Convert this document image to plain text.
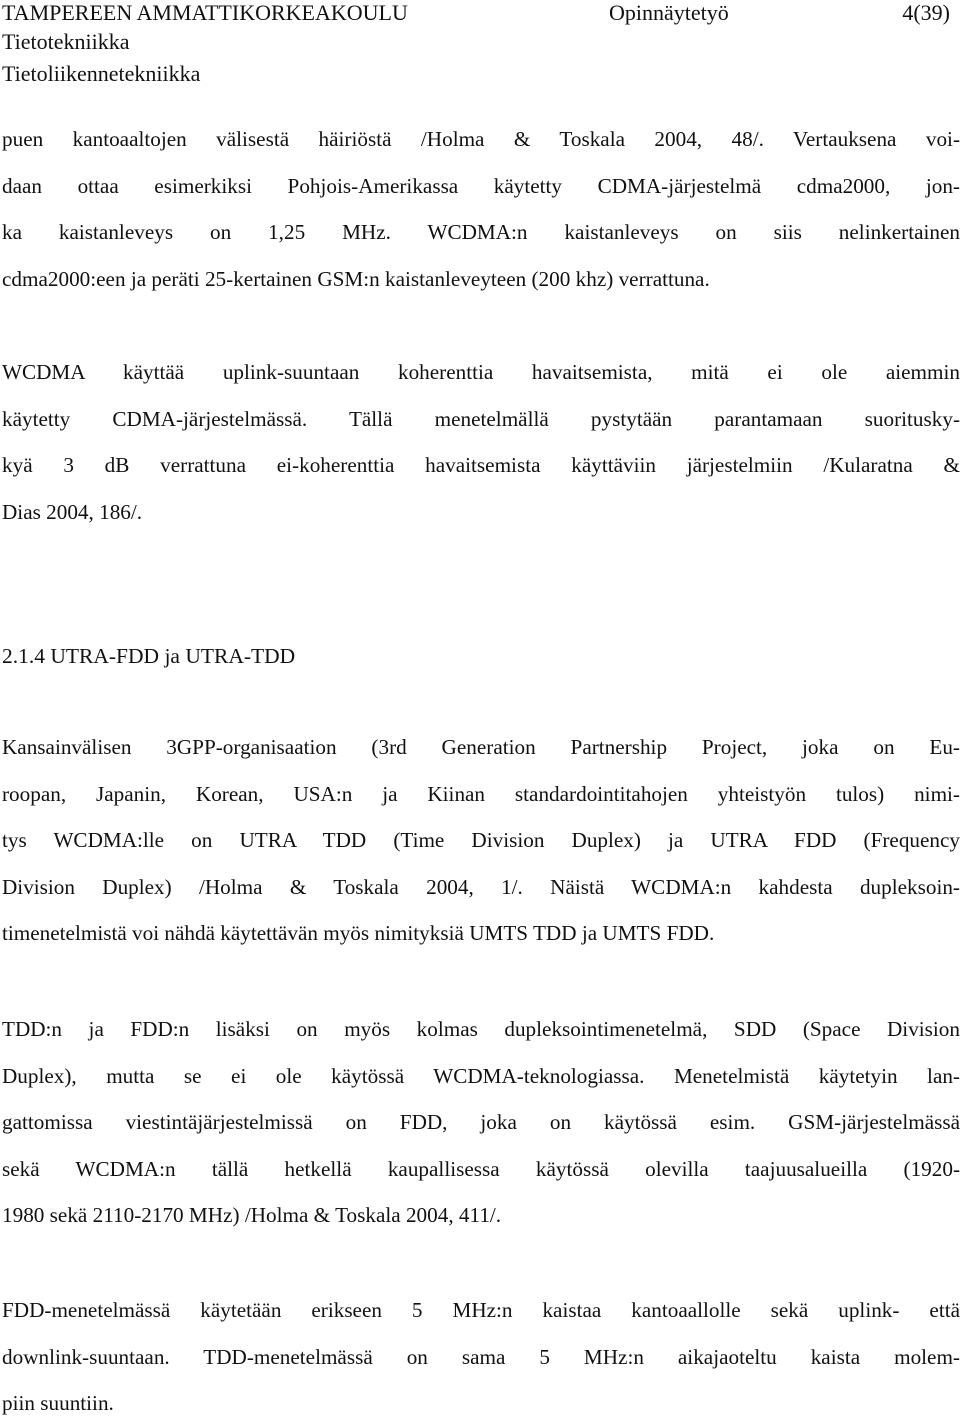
TAMPEREEN AMMATTIKORKEAKOULU	Opinnäytetyö	4(39)
Tietotekniikka
Tietoliikennetekniikka

puen kantoaaltojen välisestä häiriöstä /Holma & Toskala 2004, 48/. Vertauksena voi-
daan ottaa esimerkiksi Pohjois-Amerikassa käytetty CDMA-järjestelmä cdma2000, jon-
ka kaistanleveys on 1,25 MHz. WCDMA:n kaistanleveys on siis nelinkertainen
cdma2000:een ja peräti 25-kertainen GSM:n kaistanleveyteen (200 khz) verrattuna.

WCDMA käyttää uplink-suuntaan koherenttia havaitsemista, mitä ei ole aiemmin
käytetty CDMA-järjestelmässä. Tällä menetelmällä pystytään parantamaan suoritusky-
kyä 3 dB verrattuna ei-koherenttia havaitsemista käyttäviin järjestelmiin /Kularatna &
Dias 2004, 186/.

2.1.4 UTRA-FDD ja UTRA-TDD

Kansainvälisen 3GPP-organisaation (3rd Generation Partnership Project, joka on Eu-
roopan, Japanin, Korean, USA:n ja Kiinan standardointitahojen yhteistyön tulos) nimi-
tys WCDMA:lle on UTRA TDD (Time Division Duplex) ja UTRA FDD (Frequency
Division Duplex) /Holma & Toskala 2004, 1/. Näistä WCDMA:n kahdesta dupleksoin-
timenetelmistä voi nähdä käytettävän myös nimityksiä UMTS TDD ja UMTS FDD.

TDD:n ja FDD:n lisäksi on myös kolmas dupleksointimenetelmä, SDD (Space Division
Duplex), mutta se ei ole käytössä WCDMA-teknologiassa. Menetelmistä käytetyin lan-
gattomissa viestintäjärjestelmissä on FDD, joka on käytössä esim. GSM-järjestelmässä
sekä WCDMA:n tällä hetkellä kaupallisessa käytössä olevilla taajuusalueilla (1920-
1980 sekä 2110-2170 MHz) /Holma & Toskala 2004, 411/.

FDD-menetelmässä käytetään erikseen 5 MHz:n kaistaa kantoaallolle sekä uplink- että
downlink-suuntaan. TDD-menetelmässä on sama 5 MHz:n aikajaoteltu kaista molem-
piin suuntiin.
